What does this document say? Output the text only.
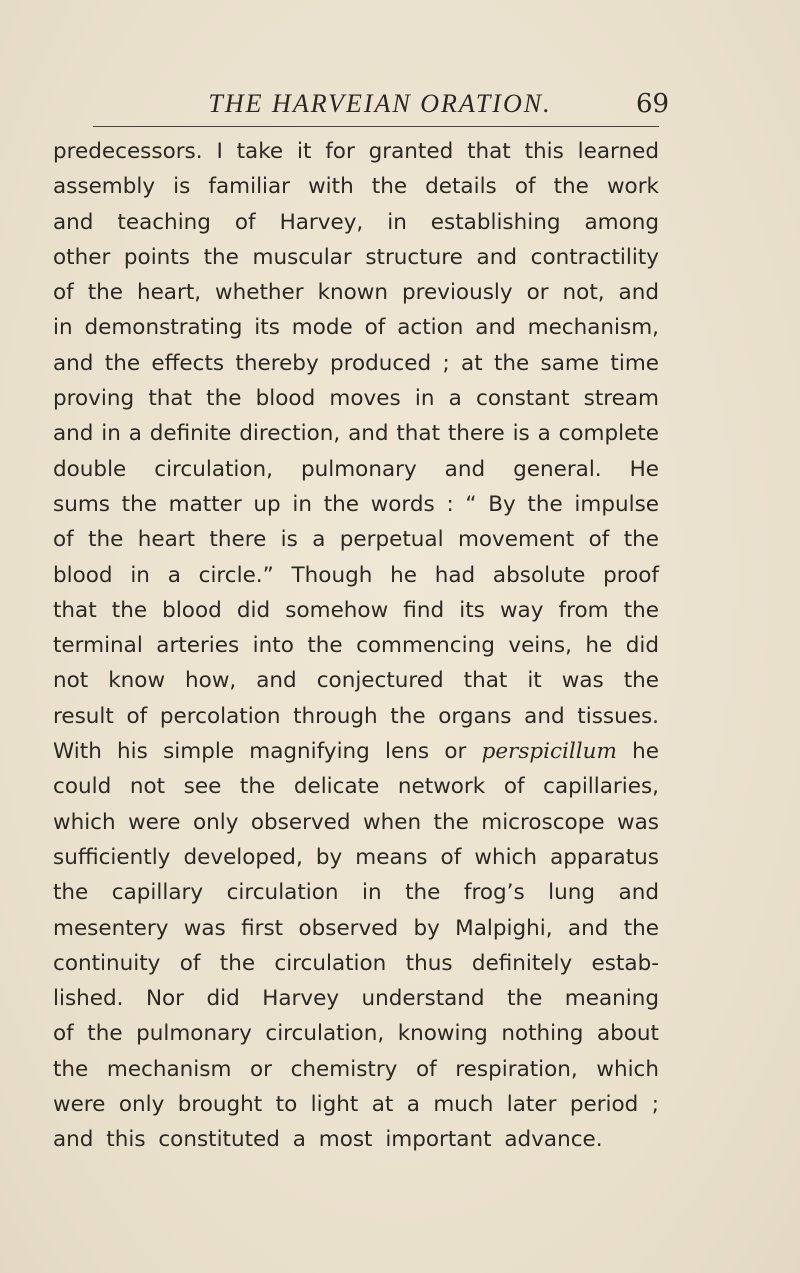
THE HARVEIAN ORATION.	69
predecessors. I take it for granted that this learned
assembly is familiar with the details of the work
and teaching of Harvey, in establishing among
other points the muscular structure and contractility
of the heart, whether known previously or not, and
in demonstrating its mode of action and mechanism,
and the effects thereby produced ; at the same time
proving that the blood moves in a constant stream
and in a definite direction, and that there is a complete
double circulation, pulmonary and general. He
sums the matter up in the words : “ By the impulse
of the heart there is a perpetual movement of the
blood in a circle.” Though he had absolute proof
that the blood did somehow find its way from the
terminal arteries into the commencing veins, he did
not know how, and conjectured that it was the
result of percolation through the organs and tissues.
With his simple magnifying lens or perspicillum he
could not see the delicate network of capillaries,
which were only observed when the microscope was
sufficiently developed, by means of which apparatus
the capillary circulation in the frog’s lung and
mesentery was first observed by Malpighi, and the
continuity of the circulation thus definitely estab-
lished. Nor did Harvey understand the meaning
of the pulmonary circulation, knowing nothing about
the mechanism or chemistry of respiration, which
were only brought to light at a much later period ;
and this constituted a most important advance.
